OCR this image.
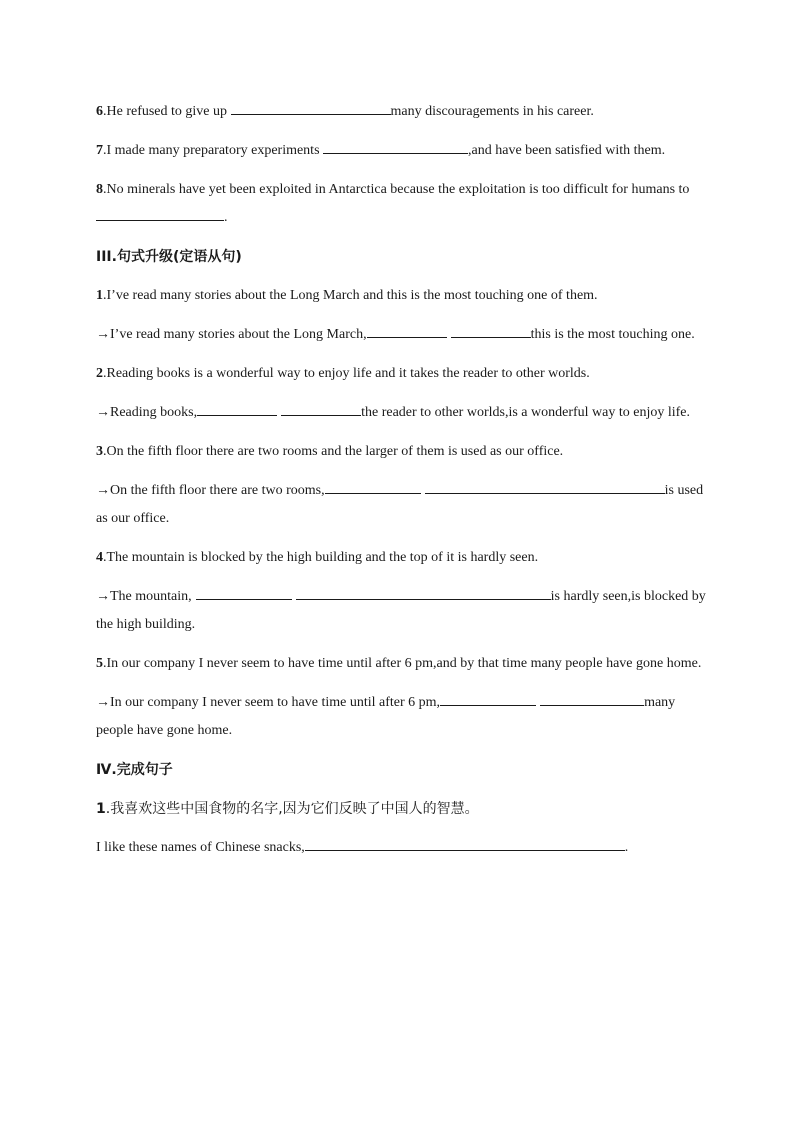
6.He refused to give up	many discouragements in his career.
7.I made many preparatory experiments	,and have been satisfied with them.
8.No minerals have yet been exploited in Antarctica because the exploitation is too difficult for humans to .
III.句式升级(定语从句)
1.I’ve read many stories about the Long March and this is the most touching one of them.
→I’ve read many stories about the Long March,	this is the most touching one.
2.Reading books is a wonderful way to enjoy life and it takes the reader to other worlds.
→Reading books,	the reader to other worlds,is a wonderful way to enjoy life.
3.On the fifth floor there are two rooms and the larger of them is used as our office.
→On the fifth floor there are two rooms,	is used as our office.
4.The mountain is blocked by the high building and the top of it is hardly seen.
→The mountain,	is hardly seen,is blocked by the high building.
5.In our company I never seem to have time until after 6 pm,and by that time many people have gone home.
→In our company I never seem to have time until after 6 pm,	many people have gone home.
Ⅳ.完成句子
1.我喜欢这些中国食物的名字,因为它们反映了中国人的智慧。
I like these names of Chinese snacks,	.
